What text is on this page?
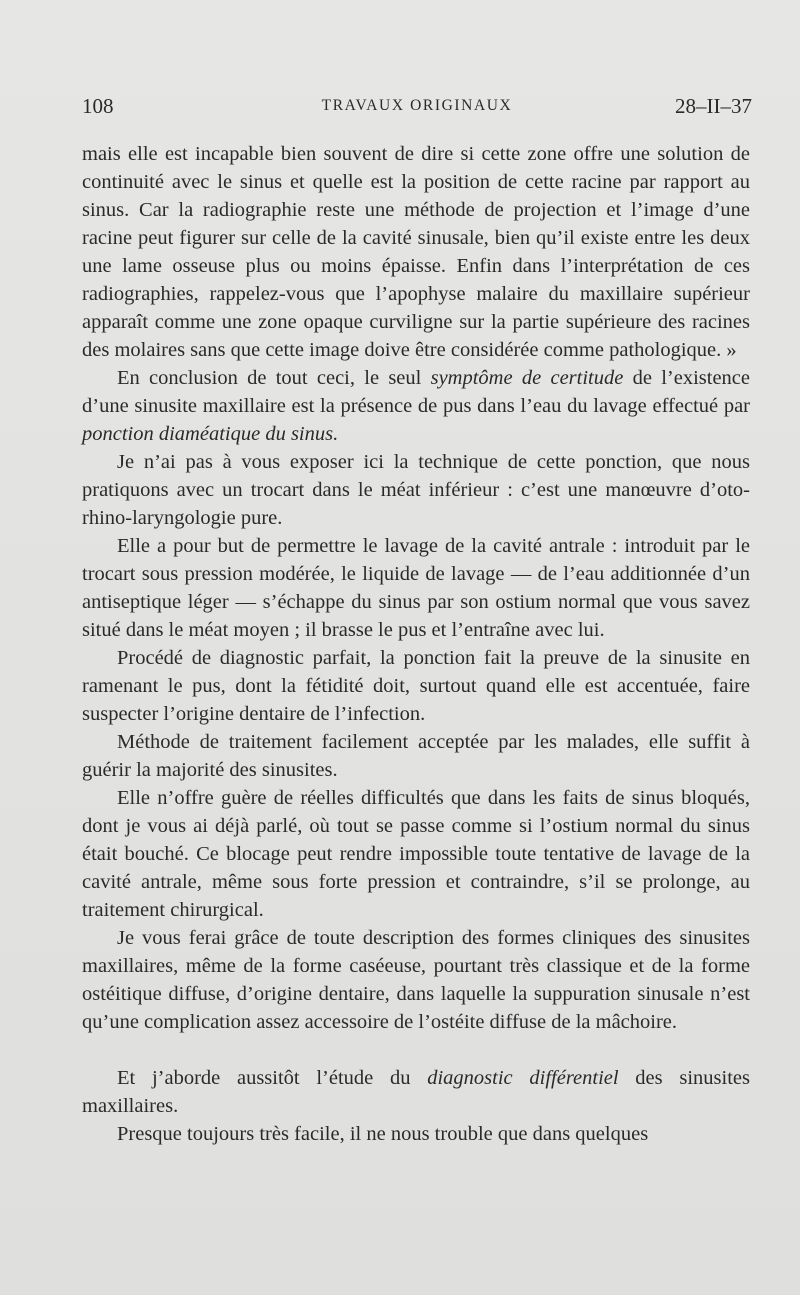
108	TRAVAUX ORIGINAUX	28–II–37

mais elle est incapable bien souvent de dire si cette zone offre une solution de continuité avec le sinus et quelle est la position de cette racine par rapport au sinus. Car la radiographie reste une méthode de projection et l’image d’une racine peut figurer sur celle de la cavité sinusale, bien qu’il existe entre les deux une lame osseuse plus ou moins épaisse. Enfin dans l’interprétation de ces radiographies, rappelez-vous que l’apophyse malaire du maxillaire supérieur apparaît comme une zone opaque curviligne sur la partie supérieure des racines des molaires sans que cette image doive être considérée comme pathologique. »

En conclusion de tout ceci, le seul symptôme de certitude de l’existence d’une sinusite maxillaire est la présence de pus dans l’eau du lavage effectué par ponction diaméatique du sinus.

Je n’ai pas à vous exposer ici la technique de cette ponction, que nous pratiquons avec un trocart dans le méat inférieur : c’est une manœuvre d’oto-rhino-laryngologie pure.

Elle a pour but de permettre le lavage de la cavité antrale : introduit par le trocart sous pression modérée, le liquide de lavage — de l’eau additionnée d’un antiseptique léger — s’échappe du sinus par son ostium normal que vous savez situé dans le méat moyen ; il brasse le pus et l’entraîne avec lui.

Procédé de diagnostic parfait, la ponction fait la preuve de la sinusite en ramenant le pus, dont la fétidité doit, surtout quand elle est accentuée, faire suspecter l’origine dentaire de l’infection.

Méthode de traitement facilement acceptée par les malades, elle suffit à guérir la majorité des sinusites.

Elle n’offre guère de réelles difficultés que dans les faits de sinus bloqués, dont je vous ai déjà parlé, où tout se passe comme si l’ostium normal du sinus était bouché. Ce blocage peut rendre impossible toute tentative de lavage de la cavité antrale, même sous forte pression et contraindre, s’il se prolonge, au traitement chirurgical.

Je vous ferai grâce de toute description des formes cliniques des sinusites maxillaires, même de la forme caséeuse, pourtant très classique et de la forme ostéitique diffuse, d’origine dentaire, dans laquelle la suppuration sinusale n’est qu’une complication assez accessoire de l’ostéite diffuse de la mâchoire.

Et j’aborde aussitôt l’étude du diagnostic différentiel des sinusites maxillaires.

Presque toujours très facile, il ne nous trouble que dans quelques
